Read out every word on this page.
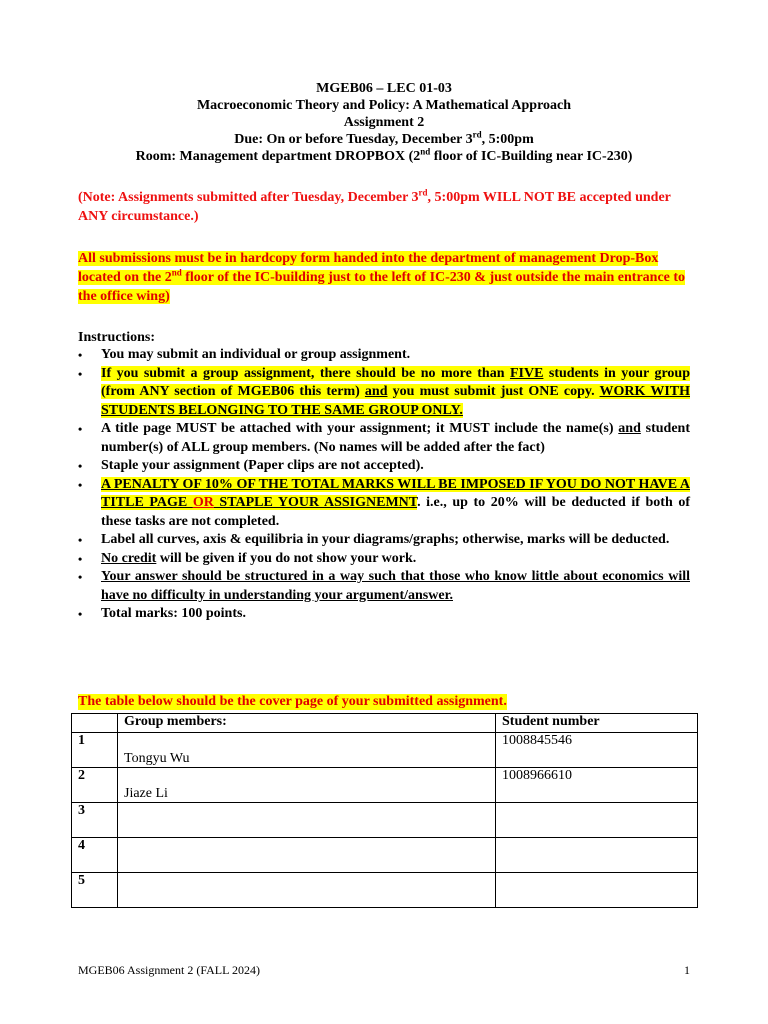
MGEB06 – LEC 01-03
Macroeconomic Theory and Policy: A Mathematical Approach
Assignment 2
Due: On or before Tuesday, December 3rd, 5:00pm
Room: Management department DROPBOX (2nd floor of IC-Building near IC-230)
(Note: Assignments submitted after Tuesday, December 3rd, 5:00pm WILL NOT BE accepted under ANY circumstance.)
All submissions must be in hardcopy form handed into the department of management Drop-Box located on the 2nd floor of the IC-building just to the left of IC-230 & just outside the main entrance to the office wing)
Instructions:
• You may submit an individual or group assignment.
• If you submit a group assignment, there should be no more than FIVE students in your group (from ANY section of MGEB06 this term) and you must submit just ONE copy. WORK WITH STUDENTS BELONGING TO THE SAME GROUP ONLY.
• A title page MUST be attached with your assignment; it MUST include the name(s) and student number(s) of ALL group members. (No names will be added after the fact)
• Staple your assignment (Paper clips are not accepted).
• A PENALTY OF 10% OF THE TOTAL MARKS WILL BE IMPOSED IF YOU DO NOT HAVE A TITLE PAGE OR STAPLE YOUR ASSIGNEMNT. i.e., up to 20% will be deducted if both of these tasks are not completed.
• Label all curves, axis & equilibria in your diagrams/graphs; otherwise, marks will be deducted.
• No credit will be given if you do not show your work.
• Your answer should be structured in a way such that those who know little about economics will have no difficulty in understanding your argument/answer.
• Total marks: 100 points.
The table below should be the cover page of your submitted assignment.
	Group members:	Student number
1	Tongyu Wu	1008845546
2	Jiaze Li	1008966610
3		
4		
5		
MGEB06 Assignment 2 (FALL 2024)	1
